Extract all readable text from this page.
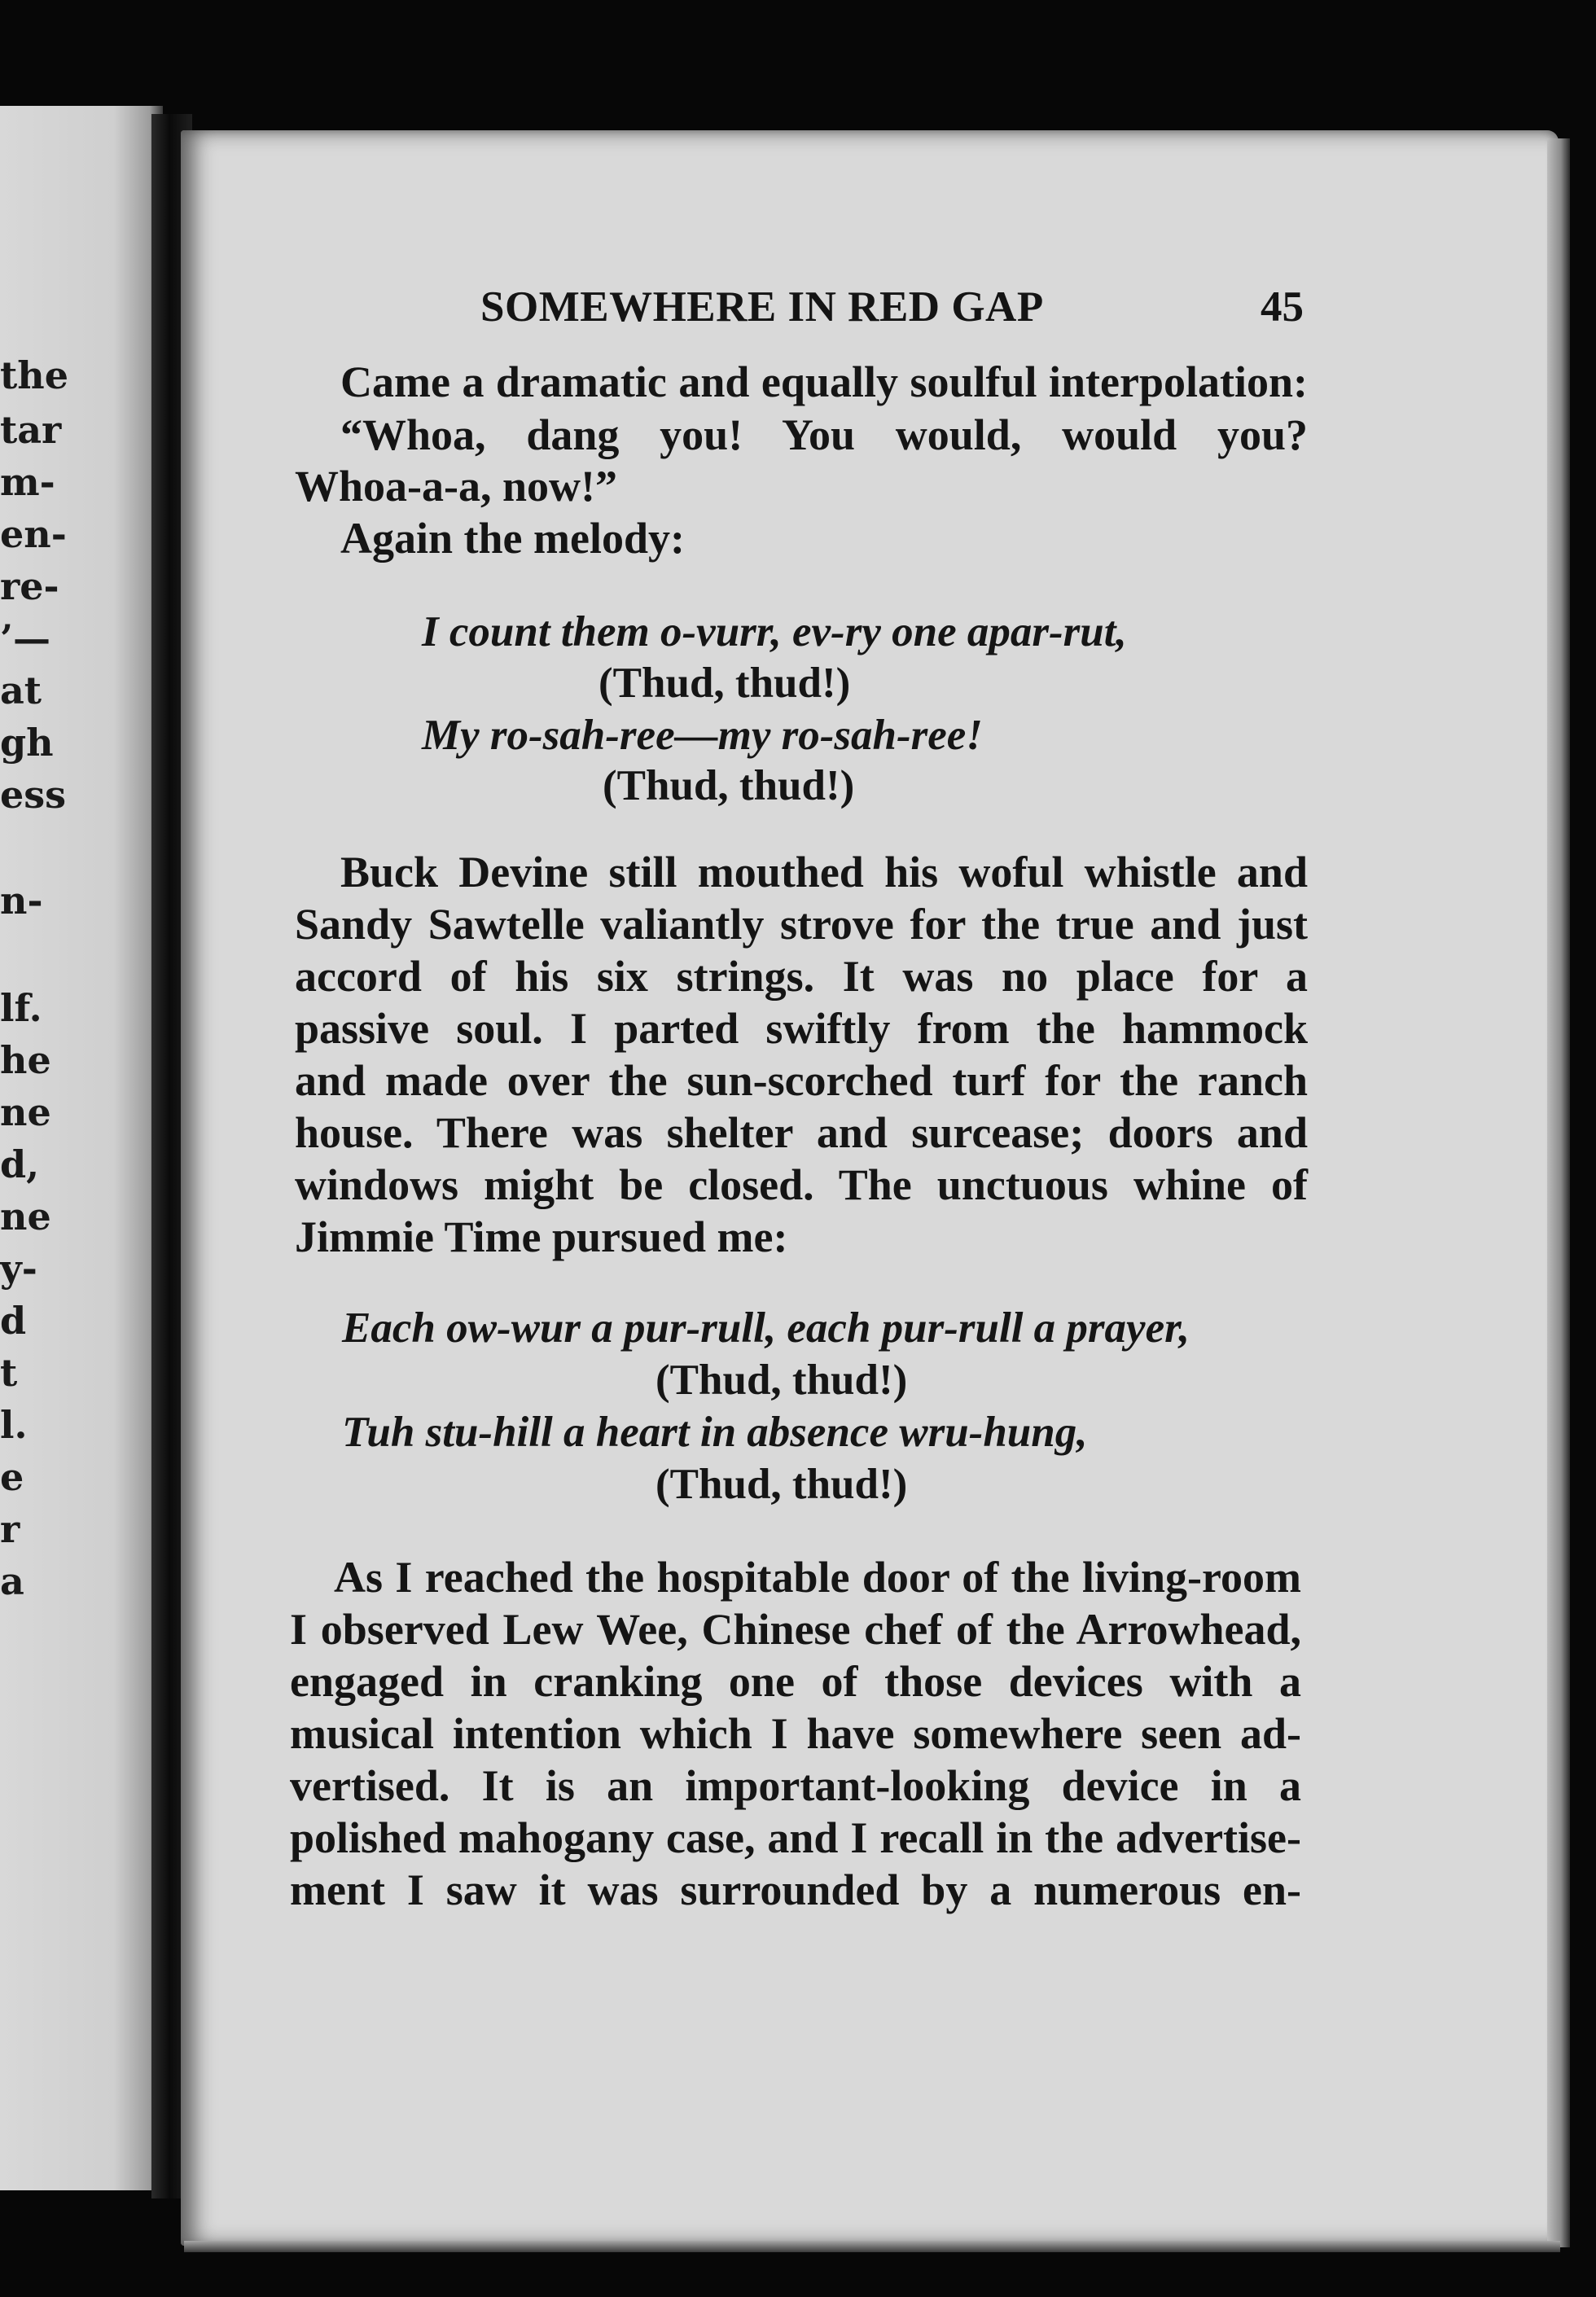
the
tar
m-
en-
re-
’—
at
gh
ess
n-
lf.
he
ne
d,
ne
y-
d
t
l.
e
r
a
SOMEWHERE IN RED GAP	45
Came a dramatic and equally soulful interpolation:
“Whoa, dang you! You would, would you?
Whoa-a-a, now!”
Again the melody:
I count them o-vurr, ev-ry one apar-rut,
(Thud, thud!)
My ro-sah-ree—my ro-sah-ree!
(Thud, thud!)
Buck Devine still mouthed his woful whistle and
Sandy Sawtelle valiantly strove for the true and just
accord of his six strings. It was no place for a
passive soul. I parted swiftly from the hammock
and made over the sun-scorched turf for the ranch
house. There was shelter and surcease; doors and
windows might be closed. The unctuous whine of
Jimmie Time pursued me:
Each ow-wur a pur-rull, each pur-rull a prayer,
(Thud, thud!)
Tuh stu-hill a heart in absence wru-hung,
(Thud, thud!)
As I reached the hospitable door of the living-room
I observed Lew Wee, Chinese chef of the Arrowhead,
engaged in cranking one of those devices with a
musical intention which I have somewhere seen ad-
vertised. It is an important-looking device in a
polished mahogany case, and I recall in the advertise-
ment I saw it was surrounded by a numerous en-
